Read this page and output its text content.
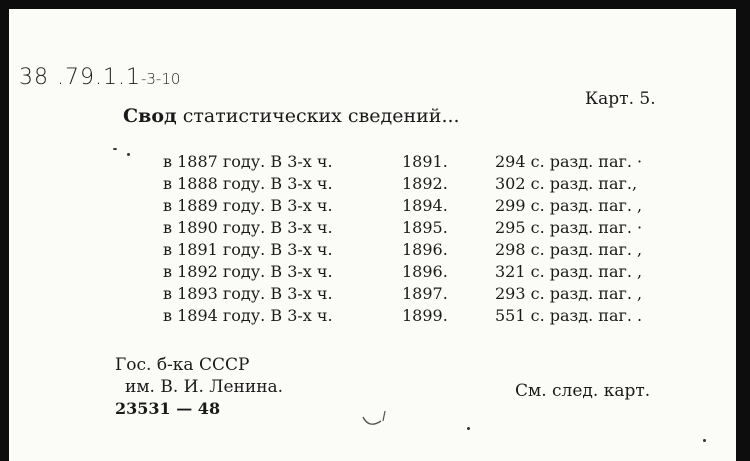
38 .79.1.1-3-10
Карт. 5.
Свод статистических сведений...
в 1887 году. В 3-х ч.	1891.	294 с. разд. паг. ·
в 1888 году. В 3-х ч.	1892.	302 с. разд. паг.,
в 1889 году. В 3-х ч.	1894.	299 с. разд. паг. ,
в 1890 году. В 3-х ч.	1895.	295 с. разд. паг. ·
в 1891 году. В 3-х ч.	1896.	298 с. разд. паг. ,
в 1892 году. В 3-х ч.	1896.	321 с. разд. паг. ,
в 1893 году. В 3-х ч.	1897.	293 с. разд. паг. ,
в 1894 году. В 3-х ч.	1899.	551 с. разд. паг. .
Гос. б-ка СССР
им. В. И. Ленина.
23531 — 48
См. след. карт.
